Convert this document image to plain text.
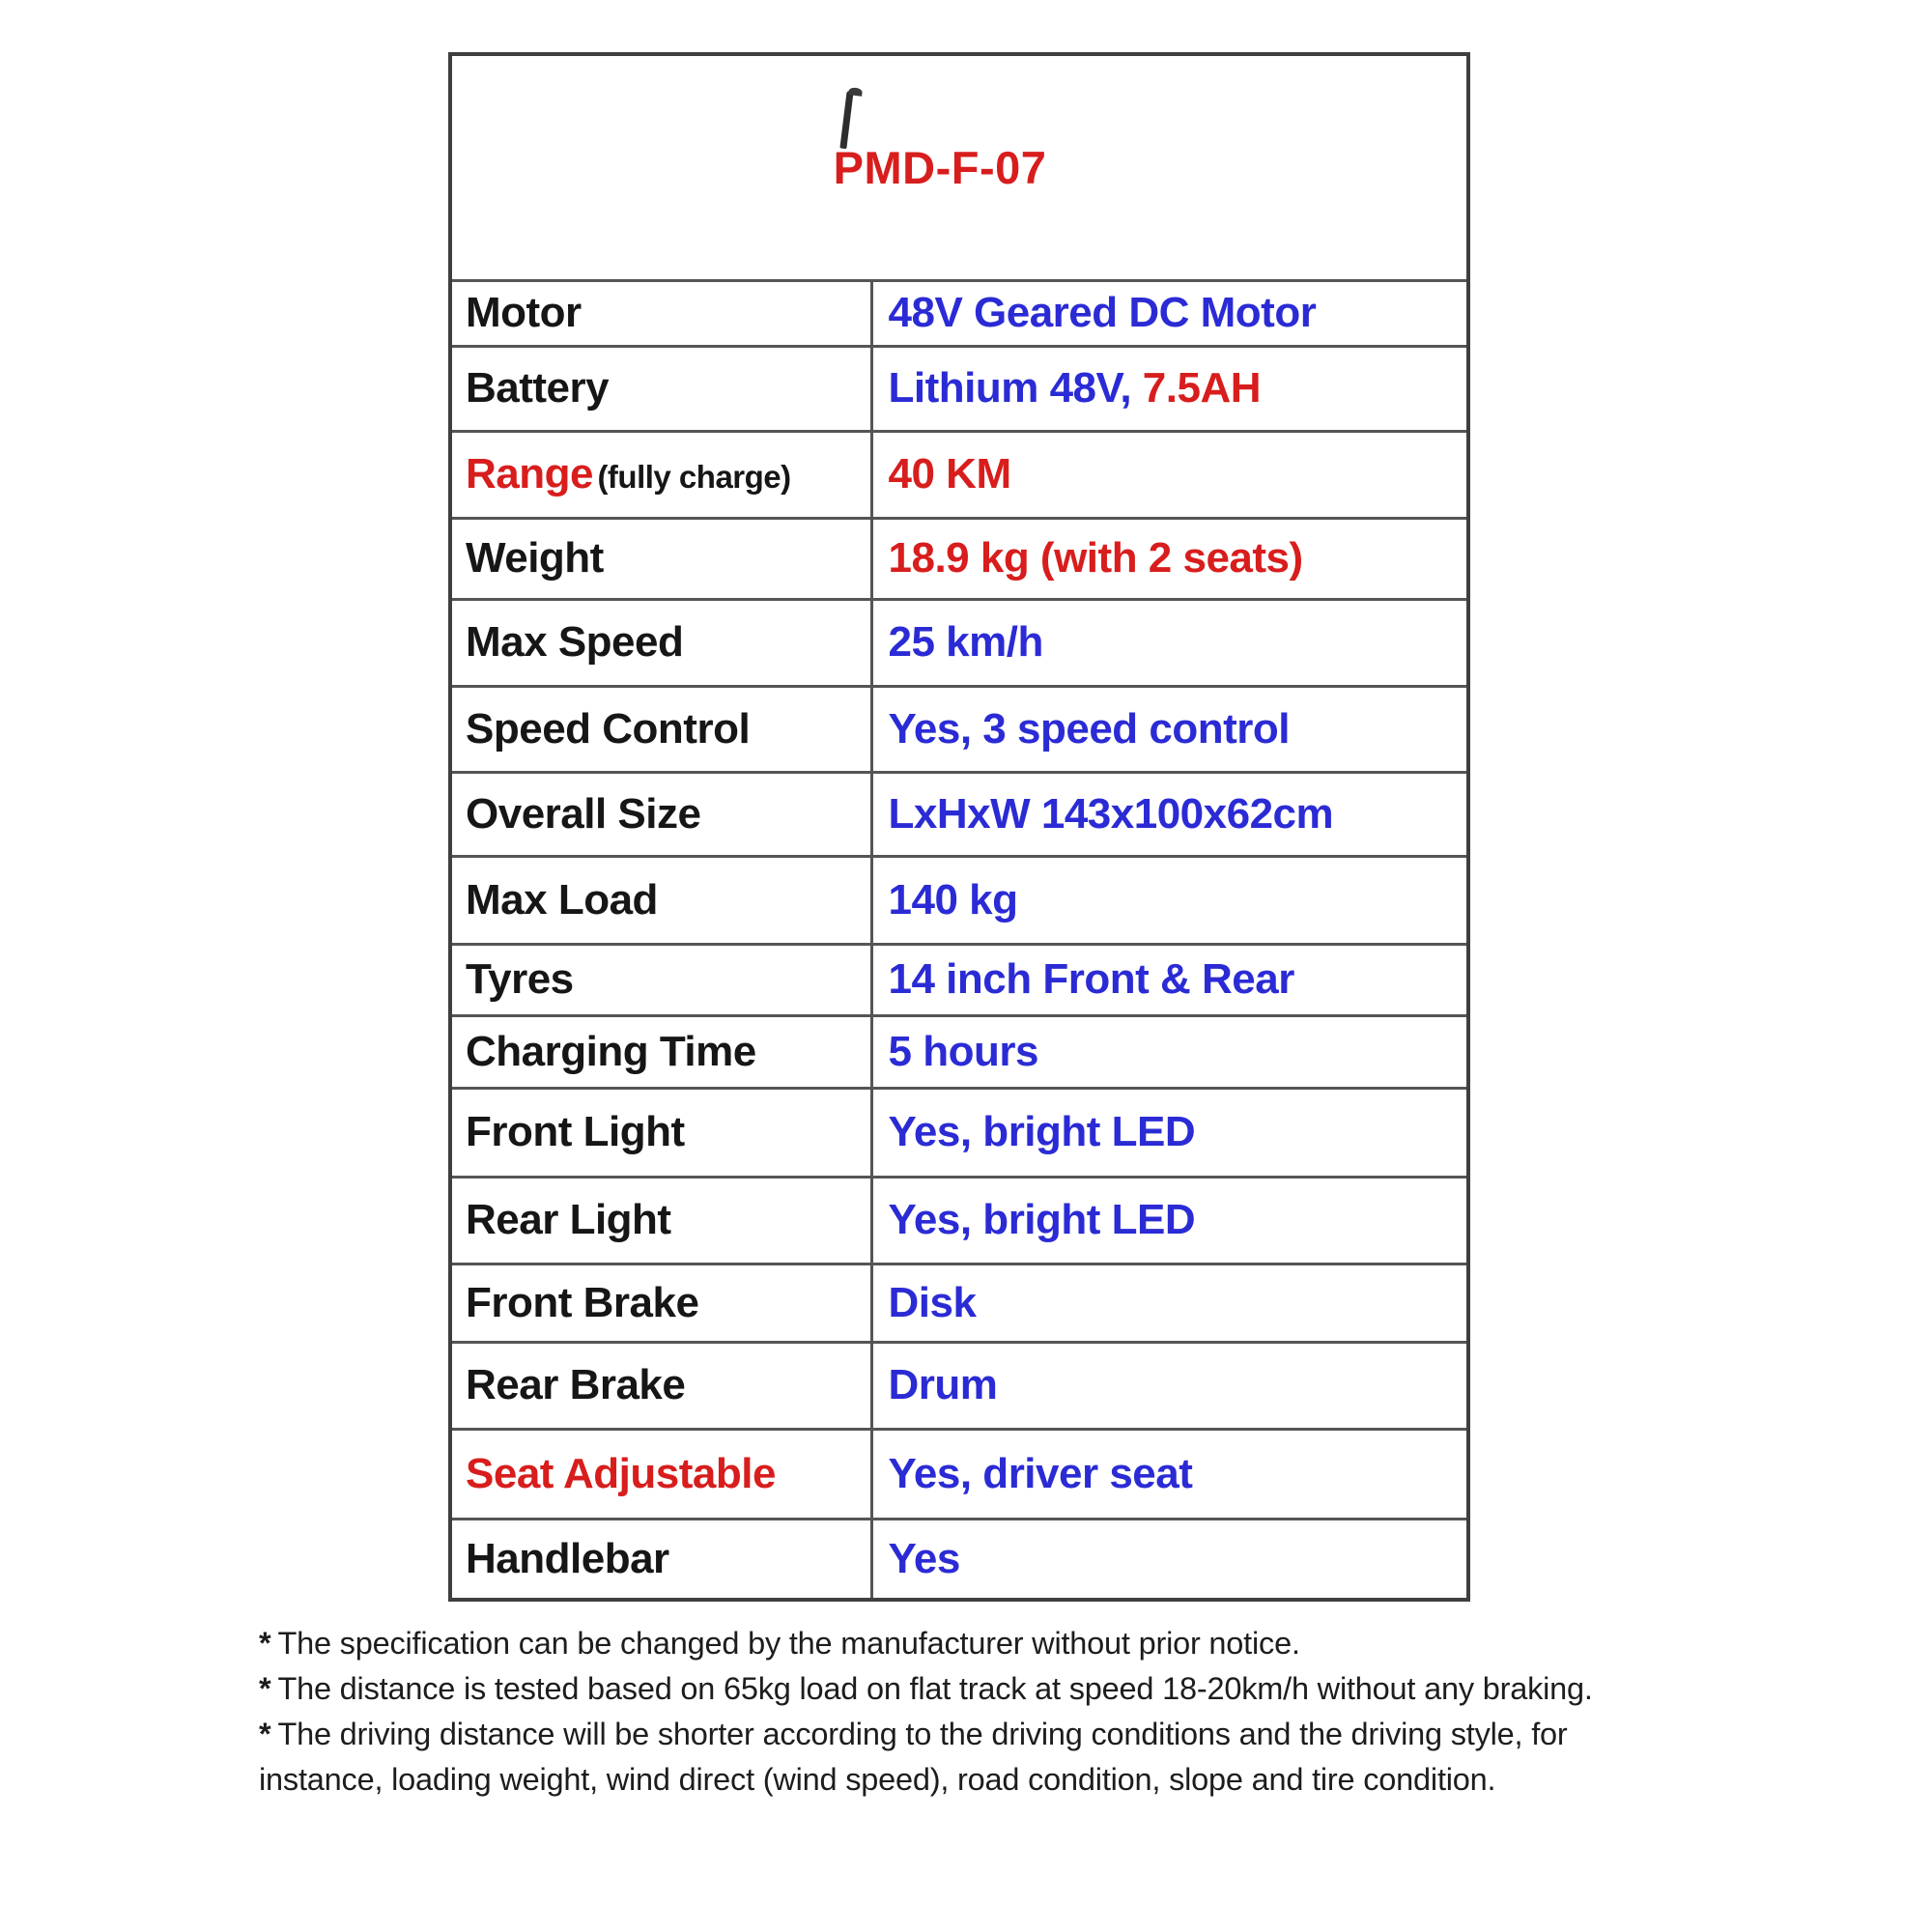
PMD-F-07	

Motor	48V Geared DC Motor
Battery	Lithium 48V, 7.5AH
Range (fully charge)	40 KM
Weight	18.9 kg (with 2 seats)
Max Speed	25 km/h
Speed Control	Yes, 3 speed control
Overall Size	LxHxW 143x100x62cm
Max Load	140 kg
Tyres	14 inch Front & Rear
Charging Time	5 hours
Front Light	Yes, bright LED
Rear Light	Yes, bright LED
Front Brake	Disk
Rear Brake	Drum
Seat Adjustable	Yes, driver seat
Handlebar	Yes

* The specification can be changed by the manufacturer without prior notice.

* The distance is tested based on 65kg load on flat track at speed 18-20km/h without any braking.

* The driving distance will be shorter according to the driving conditions and the driving style, for instance, loading weight, wind direct (wind speed), road condition, slope and tire condition.
